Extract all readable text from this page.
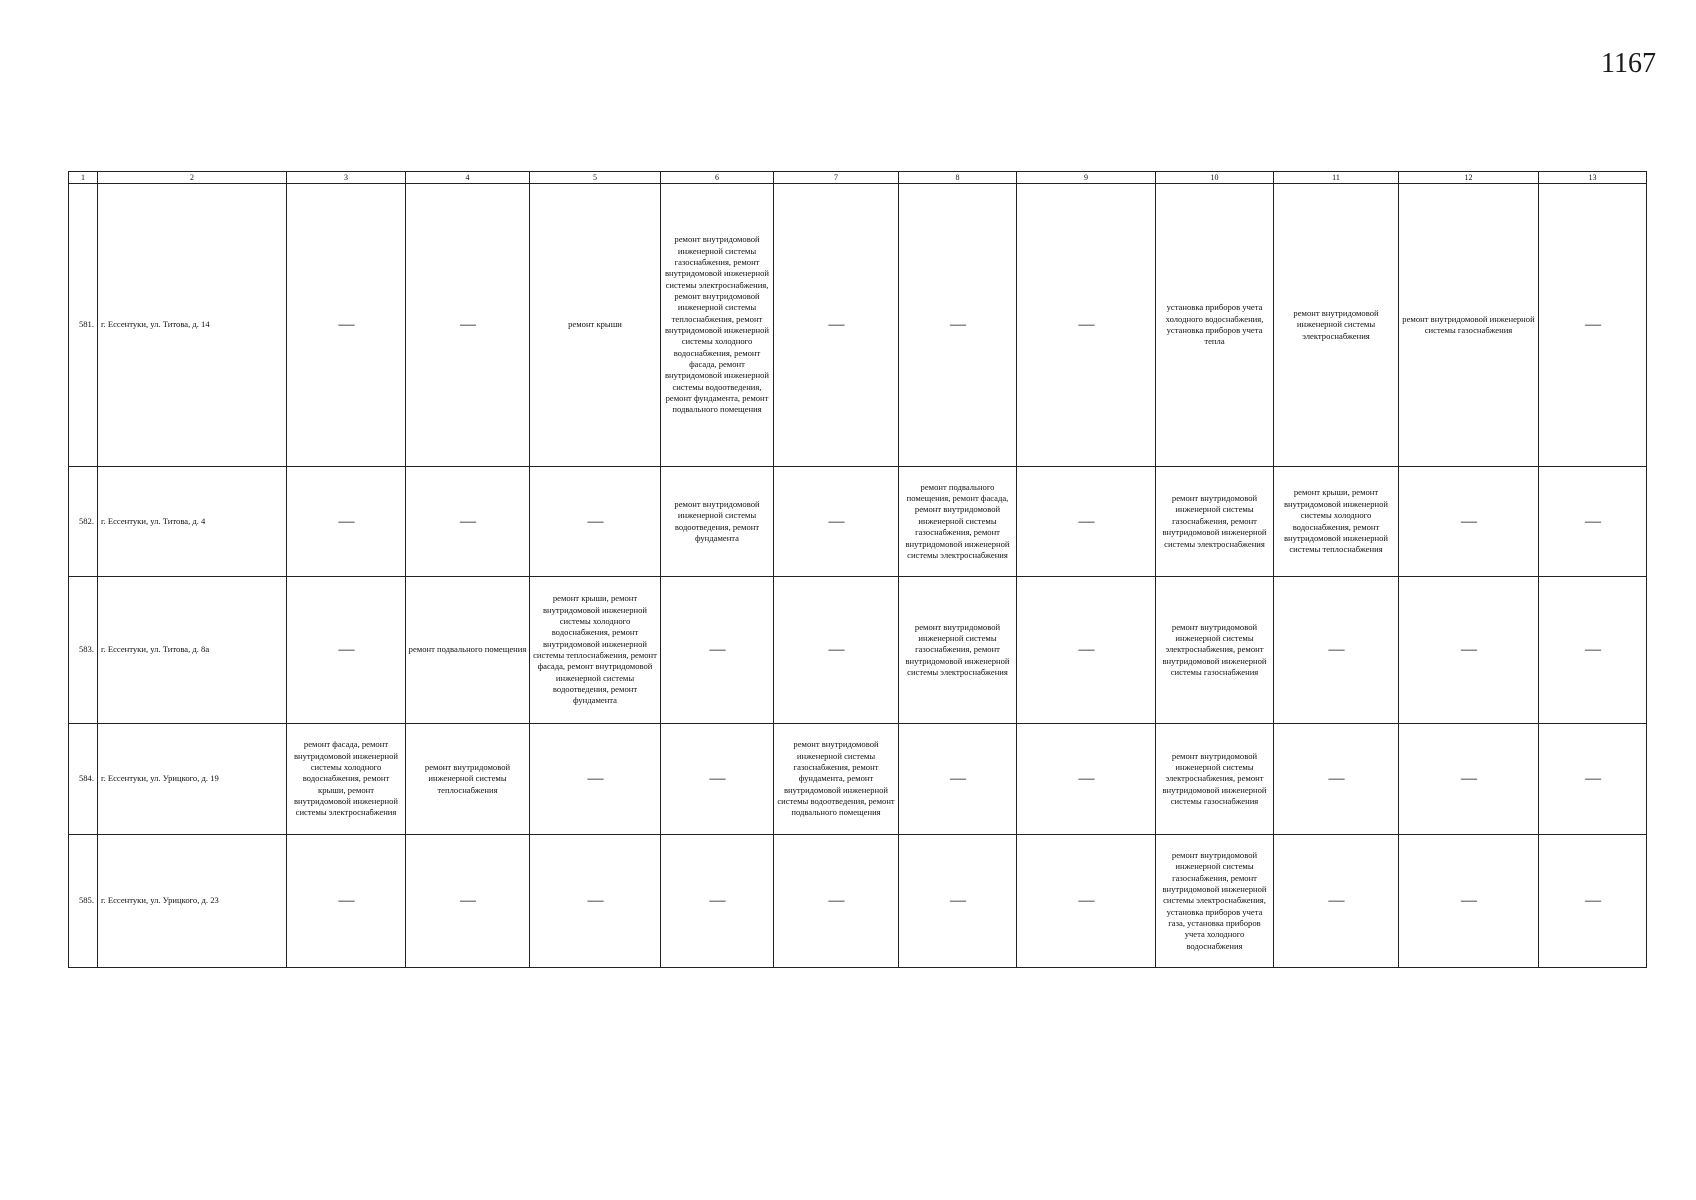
1167
1	2	3	4	5	6	7	8	9	10	11	12	13
581.	г. Ессентуки, ул. Титова, д. 14	—	—	ремонт крыши	ремонт внутридомовой инженерной системы газоснабжения, ремонт внутридомовой инженерной системы электроснабжения, ремонт внутридомовой инженерной системы теплоснабжения, ремонт внутридомовой инженерной системы холодного водоснабжения, ремонт фасада, ремонт внутридомовой инженерной системы водоотведения, ремонт фундамента, ремонт подвального помещения	—	—	—	установка приборов учета холодного водоснабжения, установка приборов учета тепла	ремонт внутридомовой инженерной системы электроснабжения	ремонт внутридомовой инженерной системы газоснабжения	—
582.	г. Ессентуки, ул. Титова, д. 4	—	—	—	ремонт внутридомовой инженерной системы водоотведения, ремонт фундамента	—	ремонт подвального помещения, ремонт фасада, ремонт внутридомовой инженерной системы газоснабжения, ремонт внутридомовой инженерной системы электроснабжения	—	ремонт внутридомовой инженерной системы газоснабжения, ремонт внутридомовой инженерной системы электроснабжения	ремонт крыши, ремонт внутридомовой инженерной системы холодного водоснабжения, ремонт внутридомовой инженерной системы теплоснабжения	—	—
583.	г. Ессентуки, ул. Титова, д. 8а	—	ремонт подвального помещения	ремонт крыши, ремонт внутридомовой инженерной системы холодного водоснабжения, ремонт внутридомовой инженерной системы теплоснабжения, ремонт фасада, ремонт внутридомовой инженерной системы водоотведения, ремонт фундамента	—	—	ремонт внутридомовой инженерной системы газоснабжения, ремонт внутридомовой инженерной системы электроснабжения	—	ремонт внутридомовой инженерной системы электроснабжения, ремонт внутридомовой инженерной системы газоснабжения	—	—	—
584.	г. Ессентуки, ул. Урицкого, д. 19	ремонт фасада, ремонт внутридомовой инженерной системы холодного водоснабжения, ремонт крыши, ремонт внутридомовой инженерной системы электроснабжения	ремонт внутридомовой инженерной системы теплоснабжения	—	—	ремонт внутридомовой инженерной системы газоснабжения, ремонт фундамента, ремонт внутридомовой инженерной системы водоотведения, ремонт подвального помещения	—	—	ремонт внутридомовой инженерной системы электроснабжения, ремонт внутридомовой инженерной системы газоснабжения	—	—	—
585.	г. Ессентуки, ул. Урицкого, д. 23	—	—	—	—	—	—	—	ремонт внутридомовой инженерной системы газоснабжения, ремонт внутридомовой инженерной системы электроснабжения, установка приборов учета газа, установка приборов учета холодного водоснабжения	—	—	—
